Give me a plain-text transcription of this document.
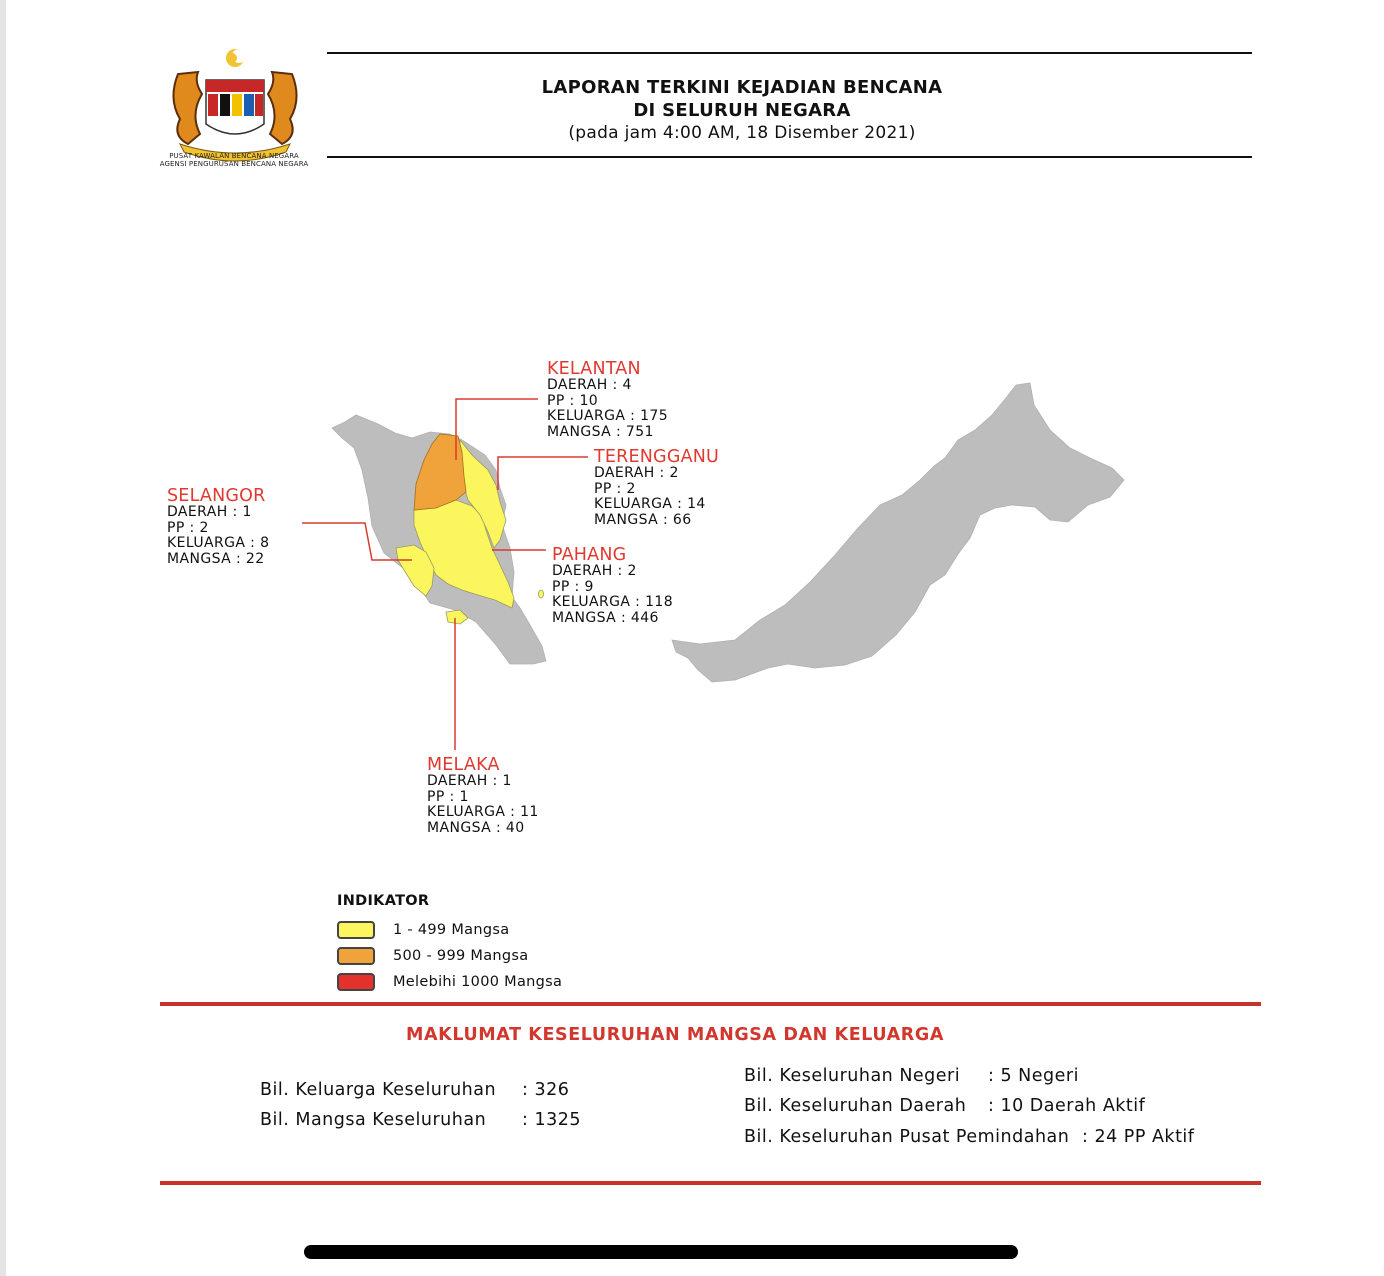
PUSAT KAWALAN BENCANA NEGARA
AGENSI PENGURUSAN BENCANA NEGARA
LAPORAN TERKINI KEJADIAN BENCANA
DI SELURUH NEGARA
(pada jam 4:00 AM, 18 Disember 2021)
KELANTAN
DAERAH : 4
PP : 10
KELUARGA : 175
MANGSA : 751
TERENGGANU
DAERAH : 2
PP : 2
KELUARGA : 14
MANGSA : 66
SELANGOR
DAERAH : 1
PP : 2
KELUARGA : 8
MANGSA : 22	PAHANG
DAERAH : 2
PP : 9
KELUARGA : 118
MANGSA : 446
MELAKA
DAERAH : 1
PP : 1
KELUARGA : 11
MANGSA : 40
INDIKATOR
1 - 499 Mangsa
500 - 999 Mangsa
Melebihi 1000 Mangsa
MAKLUMAT KESELURUHAN MANGSA DAN KELUARGA
Bil. Keluarga Keseluruhan : 326
Bil. Mangsa Keseluruhan : 1325
Bil. Keseluruhan Negeri : 5 Negeri
Bil. Keseluruhan Daerah : 10 Daerah Aktif
Bil. Keseluruhan Pusat Pemindahan : 24 PP Aktif
